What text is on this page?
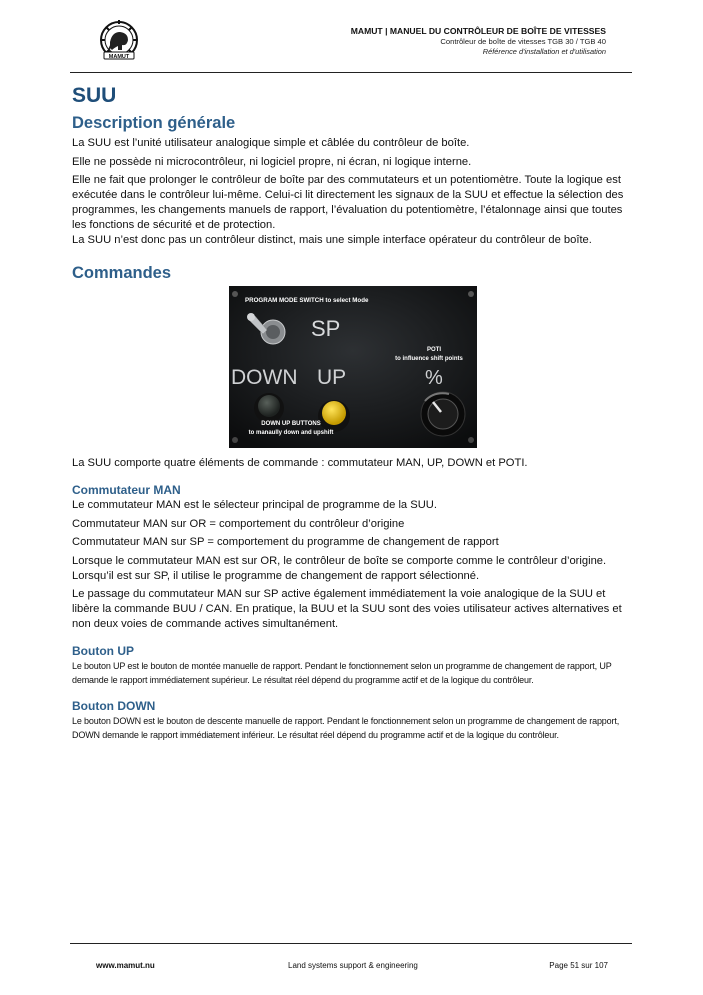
MAMUT
MAMUT | MANUEL DU CONTRÔLEUR DE BOÎTE DE VITESSES
Contrôleur de boîte de vitesses TGB 30 / TGB 40
Référence d'installation et d'utilisation
SUU
Description générale

La SUU est l’unité utilisateur analogique simple et câblée du contrôleur de boîte.

Elle ne possède ni microcontrôleur, ni logiciel propre, ni écran, ni logique interne.

Elle ne fait que prolonger le contrôleur de boîte par des commutateurs et un potentiomètre. Toute la logique est exécutée dans le contrôleur lui-même. Celui-ci lit directement les signaux de la SUU et effectue la sélection des programmes, les changements manuels de rapport, l’évaluation du potentiomètre, l’étalonnage ainsi que toutes les fonctions de sécurité et de protection.

La SUU n’est donc pas un contrôleur distinct, mais une simple interface opérateur du contrôleur de boîte.

Commandes
PROGRAM MODE SWITCH to select Mode
SP
DOWN UP
POTI
to influence shift points
%
DOWN UP BUTTONS
to manaully down and upshift

La SUU comporte quatre éléments de commande : commutateur MAN, UP, DOWN et POTI.

Commutateur MAN

Le commutateur MAN est le sélecteur principal de programme de la SUU.

Commutateur MAN sur OR = comportement du contrôleur d’origine

Commutateur MAN sur SP = comportement du programme de changement de rapport

Lorsque le commutateur MAN est sur OR, le contrôleur de boîte se comporte comme le contrôleur d’origine. Lorsqu’il est sur SP, il utilise le programme de changement de rapport sélectionné.

Le passage du commutateur MAN sur SP active également immédiatement la voie analogique de la SUU et libère la commande BUU / CAN. En pratique, la BUU et la SUU sont des voies utilisateur actives alternatives et non deux voies de commande actives simultanément.

Bouton UP

Le bouton UP est le bouton de montée manuelle de rapport. Pendant le fonctionnement selon un programme de changement de rapport, UP demande le rapport immédiatement supérieur. Le résultat réel dépend du programme actif et de la logique du contrôleur.

Bouton DOWN

Le bouton DOWN est le bouton de descente manuelle de rapport. Pendant le fonctionnement selon un programme de changement de rapport, DOWN demande le rapport immédiatement inférieur. Le résultat réel dépend du programme actif et de la logique du contrôleur.

www.mamut.nu	Land systems support & engineering	Page 51 sur 107
